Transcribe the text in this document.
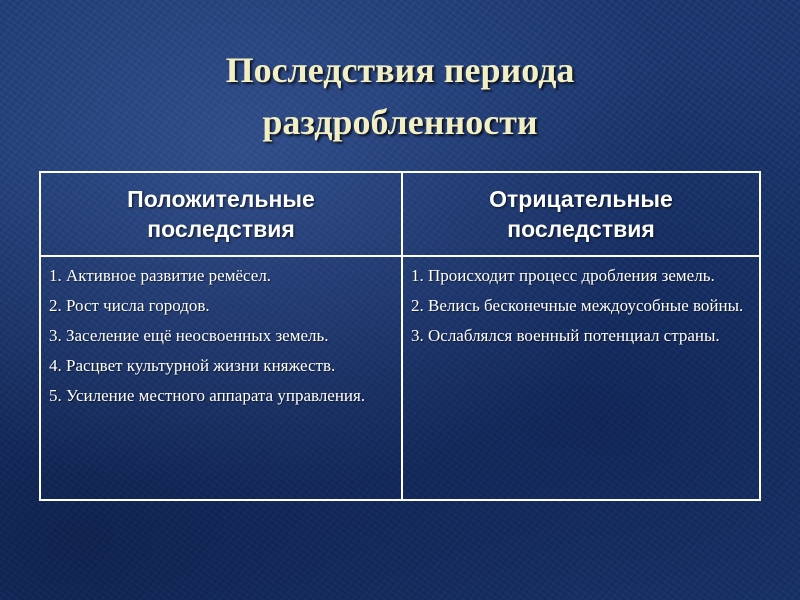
Последствия периода
раздробленности
Положительные последствия

1. Активное развитие ремёсел.

2. Рост числа городов.

3. Заселение ещё неосвоенных земель.

4. Расцвет культурной жизни княжеств.

5. Усиление местного аппарата управления.

Отрицательные последствия

1. Происходит процесс дробления земель.

2. Велись бесконечные междоусобные войны.

3. Ослаблялся военный потенциал страны.
